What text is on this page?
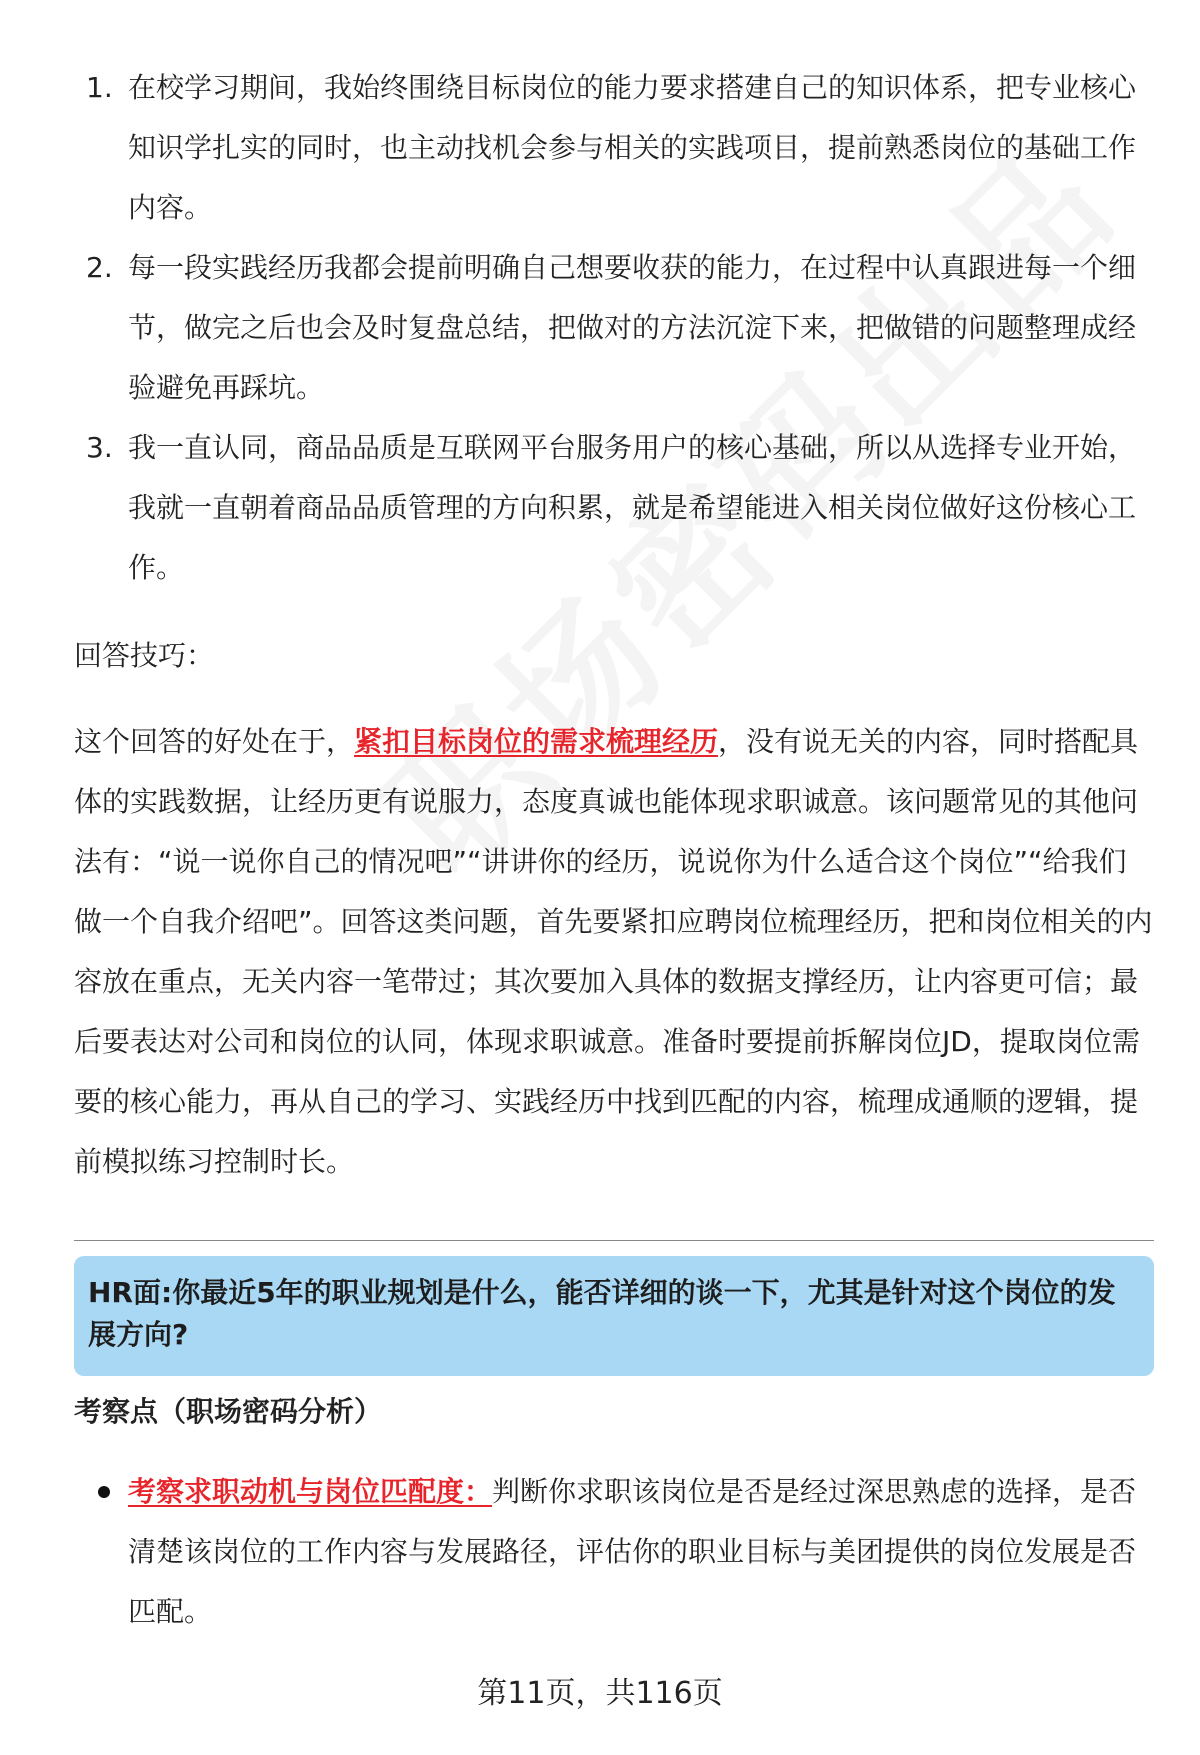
1. 在校学习期间，我始终围绕目标岗位的能力要求搭建自己的知识体系，把专业核心知识学扎实的同时，也主动找机会参与相关的实践项目，提前熟悉岗位的基础工作内容。
2. 每一段实践经历我都会提前明确自己想要收获的能力，在过程中认真跟进每一个细节，做完之后也会及时复盘总结，把做对的方法沉淀下来，把做错的问题整理成经验避免再踩坑。
3. 我一直认同，商品品质是互联网平台服务用户的核心基础，所以从选择专业开始，我就一直朝着商品品质管理的方向积累，就是希望能进入相关岗位做好这份核心工作。
回答技巧：

这个回答的好处在于，紧扣目标岗位的需求梳理经历，没有说无关的内容，同时搭配具体的实践数据，让经历更有说服力，态度真诚也能体现求职诚意。该问题常见的其他问法有：“说一说你自己的情况吧”“讲讲你的经历，说说你为什么适合这个岗位”“给我们做一个自我介绍吧”。回答这类问题，首先要紧扣应聘岗位梳理经历，把和岗位相关的内容放在重点，无关内容一笔带过；其次要加入具体的数据支撑经历，让内容更可信；最后要表达对公司和岗位的认同，体现求职诚意。准备时要提前拆解岗位JD，提取岗位需要的核心能力，再从自己的学习、实践经历中找到匹配的内容，梳理成通顺的逻辑，提前模拟练习控制时长。

HR面:你最近5年的职业规划是什么，能否详细的谈一下，尤其是针对这个岗位的发展方向?
考察点（职场密码分析）
考察求职动机与岗位匹配度：判断你求职该岗位是否是经过深思熟虑的选择，是否清楚该岗位的工作内容与发展路径，评估你的职业目标与美团提供的岗位发展是否匹配。
第11页，共116页
